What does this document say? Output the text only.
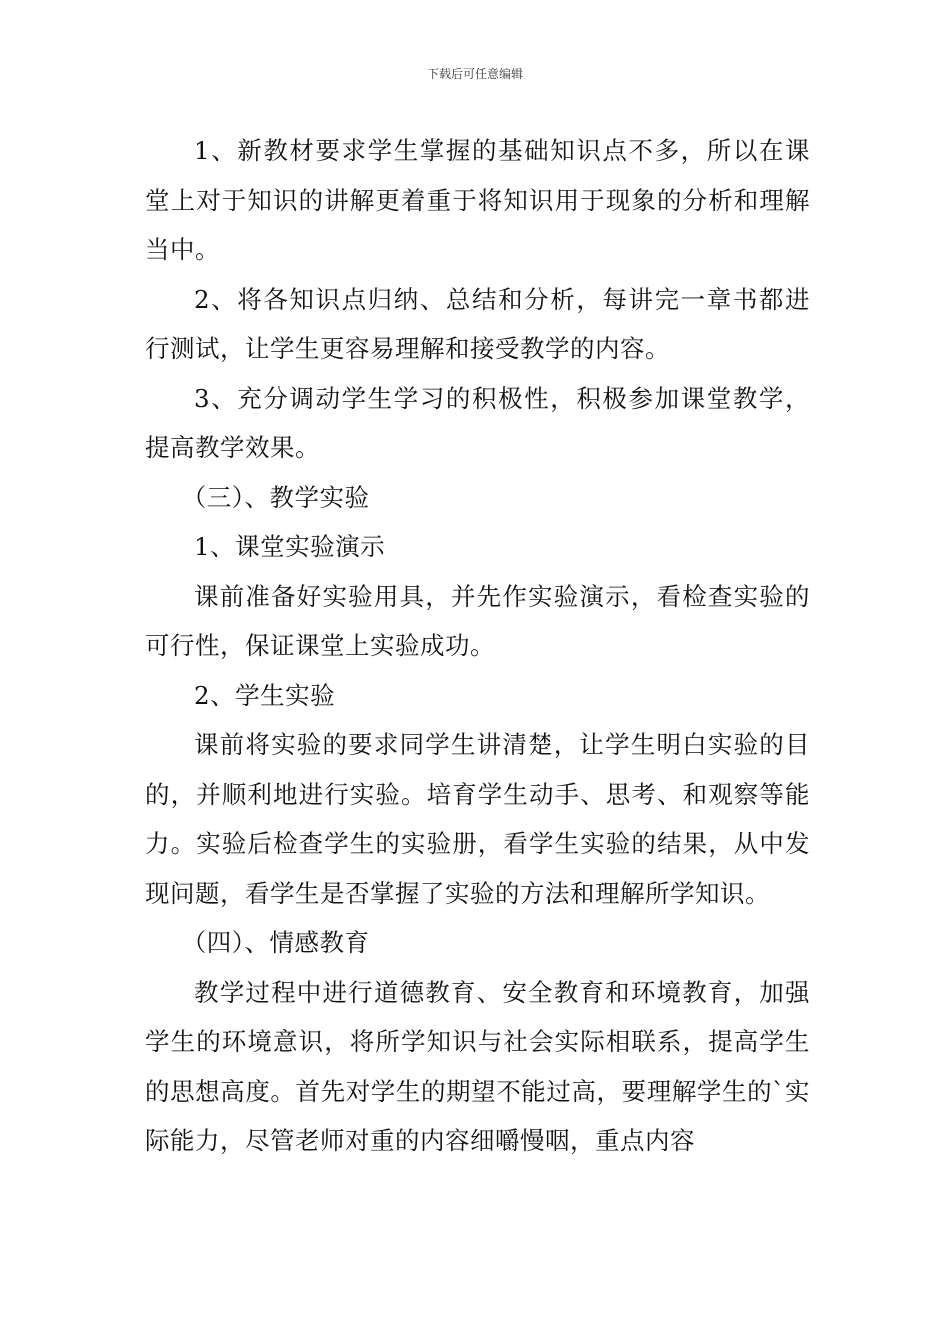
下载后可任意编辑

1、新教材要求学生掌握的基础知识点不多，所以在课堂上对于知识的讲解更着重于将知识用于现象的分析和理解当中。

2、将各知识点归纳、总结和分析，每讲完一章书都进行测试，让学生更容易理解和接受教学的内容。

3、充分调动学生学习的积极性，积极参加课堂教学，提高教学效果。

（三）、教学实验

1、课堂实验演示

课前准备好实验用具，并先作实验演示，看检查实验的可行性，保证课堂上实验成功。

2、学生实验

课前将实验的要求同学生讲清楚，让学生明白实验的目的，并顺利地进行实验。培育学生动手、思考、和观察等能力。实验后检查学生的实验册，看学生实验的结果，从中发现问题，看学生是否掌握了实验的方法和理解所学知识。

（四）、情感教育

教学过程中进行道德教育、安全教育和环境教育，加强学生的环境意识，将所学知识与社会实际相联系，提高学生的思想高度。首先对学生的期望不能过高，要理解学生的`实际能力，尽管老师对重的内容细嚼慢咽，重点内容
